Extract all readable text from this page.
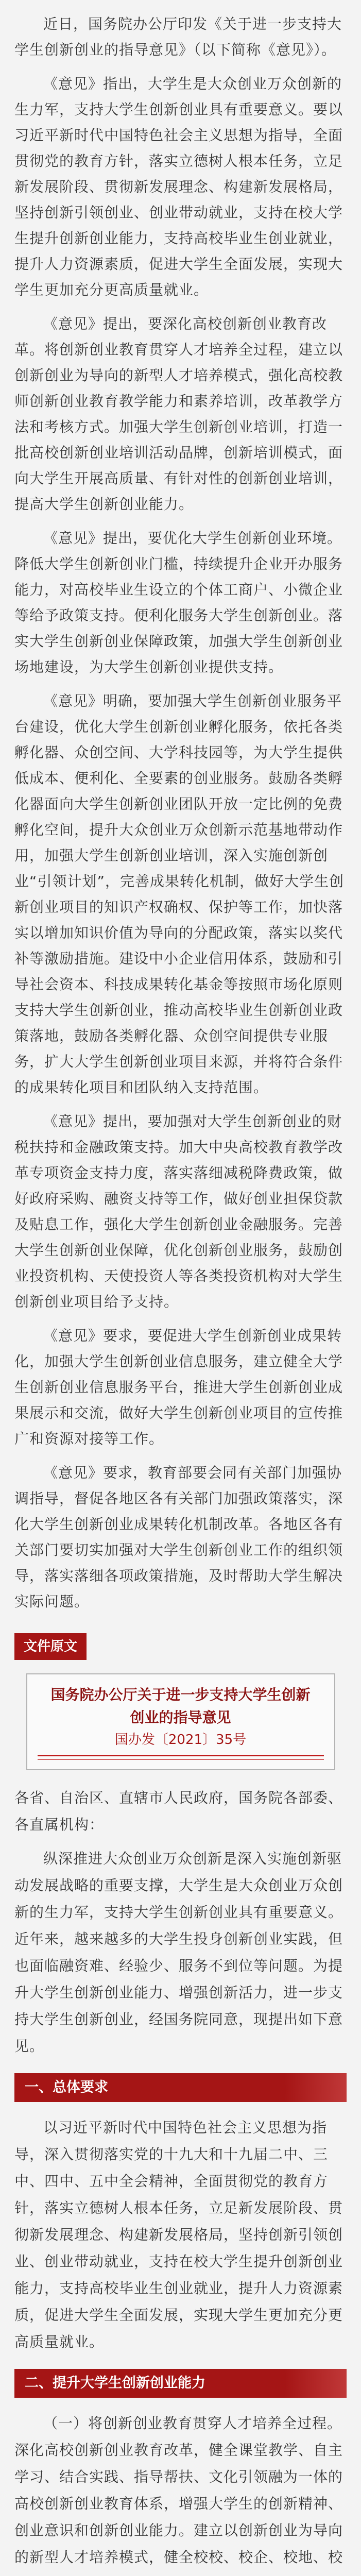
近日，国务院办公厅印发《关于进一步支持大学生创新创业的指导意见》（以下简称《意见》）。

《意见》指出，大学生是大众创业万众创新的生力军，支持大学生创新创业具有重要意义。要以习近平新时代中国特色社会主义思想为指导，全面贯彻党的教育方针，落实立德树人根本任务，立足新发展阶段、贯彻新发展理念、构建新发展格局，坚持创新引领创业、创业带动就业，支持在校大学生提升创新创业能力，支持高校毕业生创业就业，提升人力资源素质，促进大学生全面发展，实现大学生更加充分更高质量就业。

《意见》提出，要深化高校创新创业教育改革。将创新创业教育贯穿人才培养全过程，建立以创新创业为导向的新型人才培养模式，强化高校教师创新创业教育教学能力和素养培训，改革教学方法和考核方式。加强大学生创新创业培训，打造一批高校创新创业培训活动品牌，创新培训模式，面向大学生开展高质量、有针对性的创新创业培训，提高大学生创新创业能力。

《意见》提出，要优化大学生创新创业环境。降低大学生创新创业门槛，持续提升企业开办服务能力，对高校毕业生设立的个体工商户、小微企业等给予政策支持。便利化服务大学生创新创业。落实大学生创新创业保障政策，加强大学生创新创业场地建设，为大学生创新创业提供支持。

《意见》明确，要加强大学生创新创业服务平台建设，优化大学生创新创业孵化服务，依托各类孵化器、众创空间、大学科技园等，为大学生提供低成本、便利化、全要素的创业服务。鼓励各类孵化器面向大学生创新创业团队开放一定比例的免费孵化空间，提升大众创业万众创新示范基地带动作用，加强大学生创新创业培训，深入实施创新创业“引领计划”，完善成果转化机制，做好大学生创新创业项目的知识产权确权、保护等工作，加快落实以增加知识价值为导向的分配政策，落实以奖代补等激励措施。建设中小企业信用体系，鼓励和引导社会资本、科技成果转化基金等按照市场化原则支持大学生创新创业，推动高校毕业生创新创业政策落地，鼓励各类孵化器、众创空间提供专业服务，扩大大学生创新创业项目来源，并将符合条件的成果转化项目和团队纳入支持范围。

《意见》提出，要加强对大学生创新创业的财税扶持和金融政策支持。加大中央高校教育教学改革专项资金支持力度，落实落细减税降费政策，做好政府采购、融资支持等工作，做好创业担保贷款及贴息工作，强化大学生创新创业金融服务。完善大学生创新创业保障，优化创新创业服务，鼓励创业投资机构、天使投资人等各类投资机构对大学生创新创业项目给予支持。

《意见》要求，要促进大学生创新创业成果转化，加强大学生创新创业信息服务，建立健全大学生创新创业信息服务平台，推进大学生创新创业成果展示和交流，做好大学生创新创业项目的宣传推广和资源对接等工作。

《意见》要求，教育部要会同有关部门加强协调指导，督促各地区各有关部门加强政策落实，深化大学生创新创业成果转化机制改革。各地区各有关部门要切实加强对大学生创新创业工作的组织领导，落实落细各项政策措施，及时帮助大学生解决实际问题。

文件原文
国务院办公厅关于进一步支持大学生创新
创业的指导意见
国办发〔2021〕35号

各省、自治区、直辖市人民政府，国务院各部委、各直属机构：

纵深推进大众创业万众创新是深入实施创新驱动发展战略的重要支撑，大学生是大众创业万众创新的生力军，支持大学生创新创业具有重要意义。近年来，越来越多的大学生投身创新创业实践，但也面临融资难、经验少、服务不到位等问题。为提升大学生创新创业能力、增强创新活力，进一步支持大学生创新创业，经国务院同意，现提出如下意见。

一、总体要求

以习近平新时代中国特色社会主义思想为指导，深入贯彻落实党的十九大和十九届二中、三中、四中、五中全会精神，全面贯彻党的教育方针，落实立德树人根本任务，立足新发展阶段、贯彻新发展理念、构建新发展格局，坚持创新引领创业、创业带动就业，支持在校大学生提升创新创业能力，支持高校毕业生创业就业，提升人力资源素质，促进大学生全面发展，实现大学生更加充分更高质量就业。

二、提升大学生创新创业能力

（一）将创新创业教育贯穿人才培养全过程。深化高校创新创业教育改革，健全课堂教学、自主学习、结合实践、指导帮扶、文化引领融为一体的高校创新创业教育体系，增强大学生的创新精神、创业意识和创新创业能力。建立以创新创业为导向的新型人才培养模式，健全校校、校企、校地、校
